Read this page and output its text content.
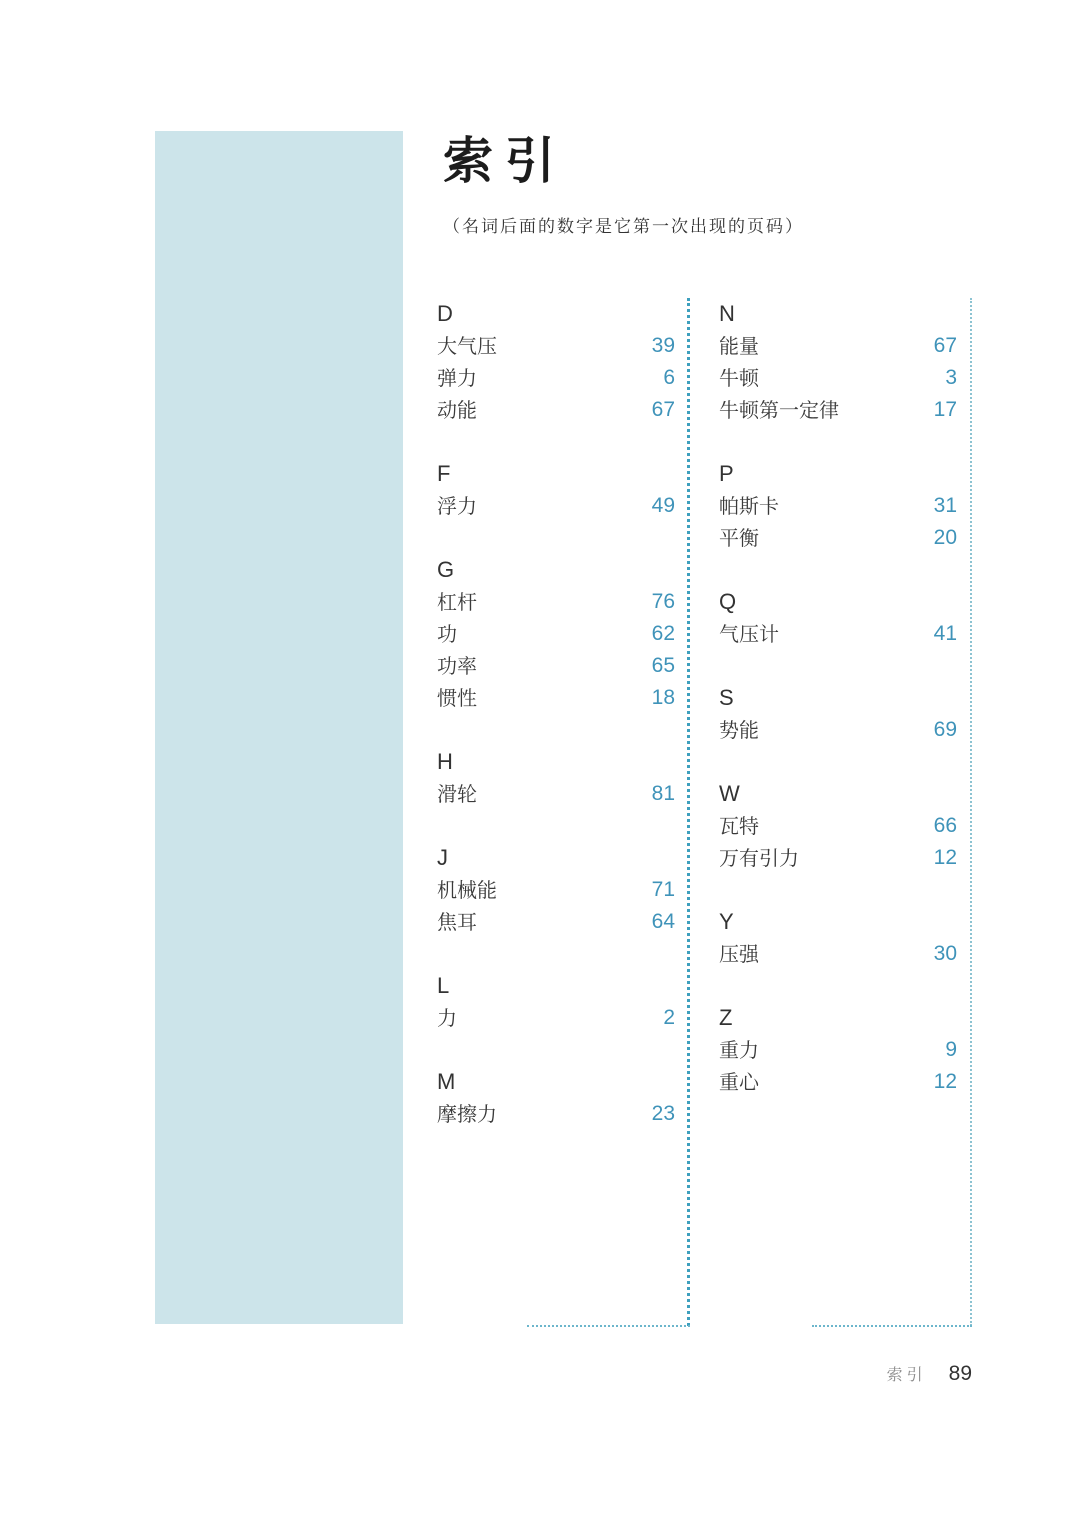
索引
（名词后面的数字是它第一次出现的页码）
D
大气压	39
弹力	6
动能	67
F
浮力	49
G
杠杆	76
功	62
功率	65
惯性	18
H
滑轮	81
J
机械能	71
焦耳	64
L
力	2
M
摩擦力	23
N
能量	67
牛顿	3
牛顿第一定律	17
P
帕斯卡	31
平衡	20
Q
气压计	41
S
势能	69
W
瓦特	66
万有引力	12
Y
压强	30
Z
重力	9
重心	12
索引 89
